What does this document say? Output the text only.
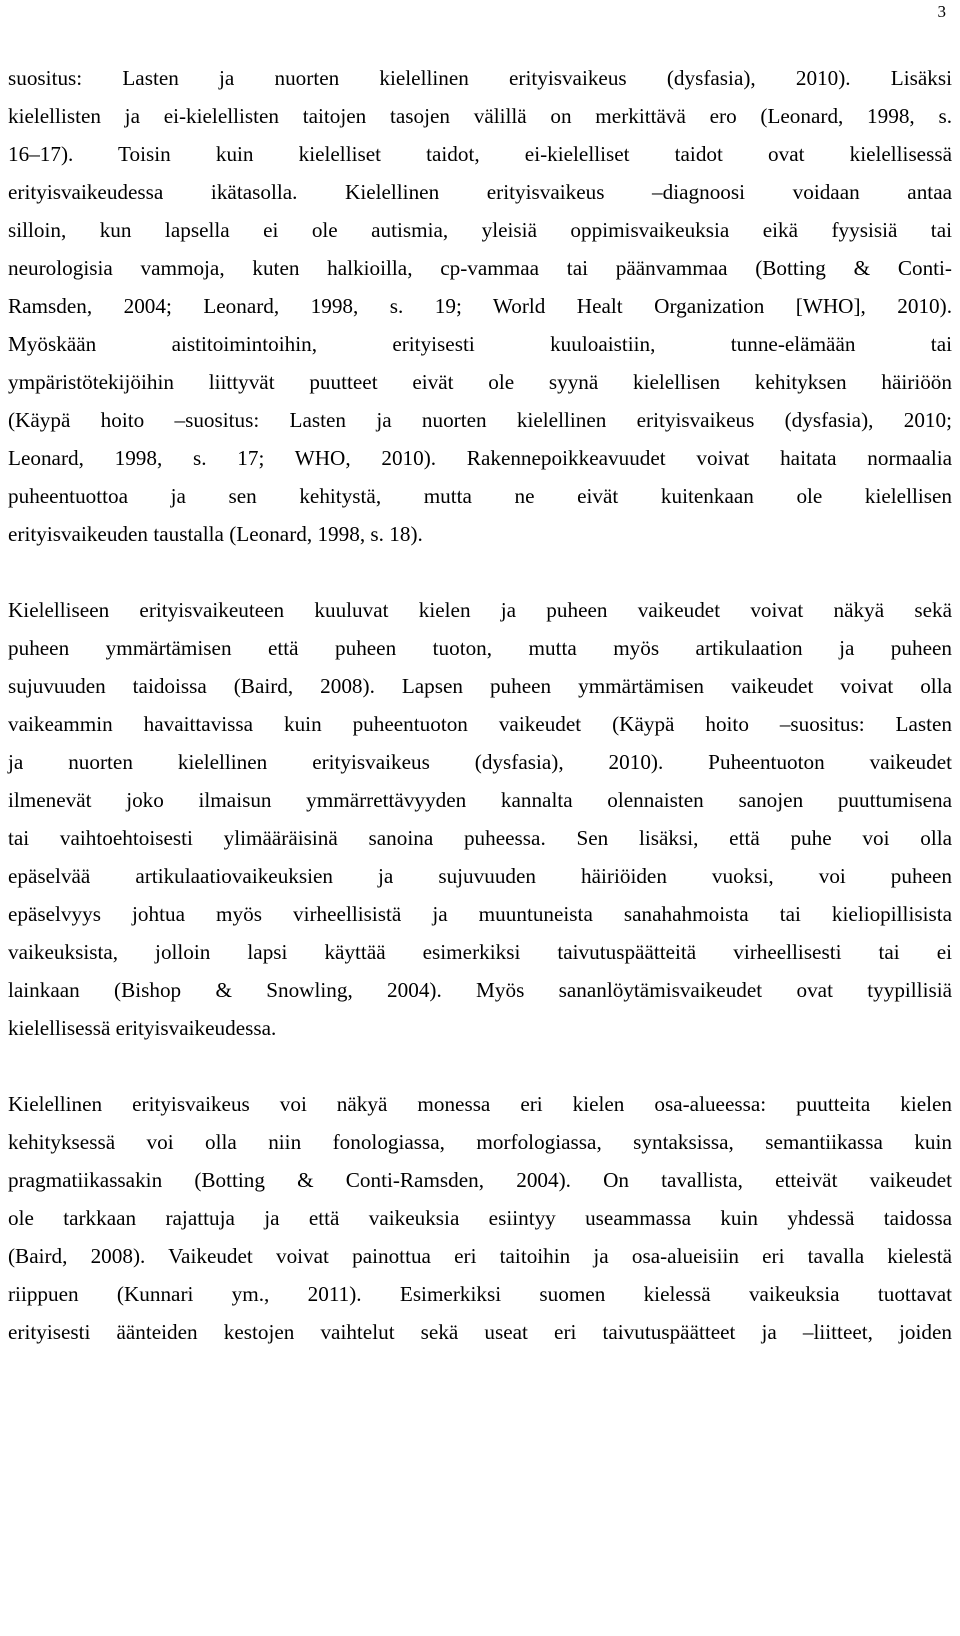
3
suositus: Lasten ja nuorten kielellinen erityisvaikeus (dysfasia), 2010). Lisäksi
kielellisten ja ei-kielellisten taitojen tasojen välillä on merkittävä ero (Leonard, 1998, s.
16–17). Toisin kuin kielelliset taidot, ei-kielelliset taidot ovat kielellisessä
erityisvaikeudessa ikätasolla. Kielellinen erityisvaikeus –diagnoosi voidaan antaa
silloin, kun lapsella ei ole autismia, yleisiä oppimisvaikeuksia eikä fyysisiä tai
neurologisia vammoja, kuten halkioilla, cp-vammaa tai päänvammaa (Botting & Conti-
Ramsden, 2004; Leonard, 1998, s. 19; World Healt Organization [WHO], 2010).
Myöskään aistitoimintoihin, erityisesti kuuloaistiin, tunne-elämään tai
ympäristötekijöihin liittyvät puutteet eivät ole syynä kielellisen kehityksen häiriöön
(Käypä hoito –suositus: Lasten ja nuorten kielellinen erityisvaikeus (dysfasia), 2010;
Leonard, 1998, s. 17; WHO, 2010). Rakennepoikkeavuudet voivat haitata normaalia
puheentuottoa ja sen kehitystä, mutta ne eivät kuitenkaan ole kielellisen
erityisvaikeuden taustalla (Leonard, 1998, s. 18).
Kielelliseen erityisvaikeuteen kuuluvat kielen ja puheen vaikeudet voivat näkyä sekä
puheen ymmärtämisen että puheen tuoton, mutta myös artikulaation ja puheen
sujuvuuden taidoissa (Baird, 2008). Lapsen puheen ymmärtämisen vaikeudet voivat olla
vaikeammin havaittavissa kuin puheentuoton vaikeudet (Käypä hoito –suositus: Lasten
ja nuorten kielellinen erityisvaikeus (dysfasia), 2010). Puheentuoton vaikeudet
ilmenevät joko ilmaisun ymmärrettävyyden kannalta olennaisten sanojen puuttumisena
tai vaihtoehtoisesti ylimääräisinä sanoina puheessa. Sen lisäksi, että puhe voi olla
epäselvää artikulaatiovaikeuksien ja sujuvuuden häiriöiden vuoksi, voi puheen
epäselvyys johtua myös virheellisistä ja muuntuneista sanahahmoista tai kieliopillisista
vaikeuksista, jolloin lapsi käyttää esimerkiksi taivutuspäätteitä virheellisesti tai ei
lainkaan (Bishop & Snowling, 2004). Myös sananlöytämisvaikeudet ovat tyypillisiä
kielellisessä erityisvaikeudessa.
Kielellinen erityisvaikeus voi näkyä monessa eri kielen osa-alueessa: puutteita kielen
kehityksessä voi olla niin fonologiassa, morfologiassa, syntaksissa, semantiikassa kuin
pragmatiikassakin (Botting & Conti-Ramsden, 2004). On tavallista, etteivät vaikeudet
ole tarkkaan rajattuja ja että vaikeuksia esiintyy useammassa kuin yhdessä taidossa
(Baird, 2008). Vaikeudet voivat painottua eri taitoihin ja osa-alueisiin eri tavalla kielestä
riippuen (Kunnari ym., 2011). Esimerkiksi suomen kielessä vaikeuksia tuottavat
erityisesti äänteiden kestojen vaihtelut sekä useat eri taivutuspäätteet ja –liitteet, joiden
